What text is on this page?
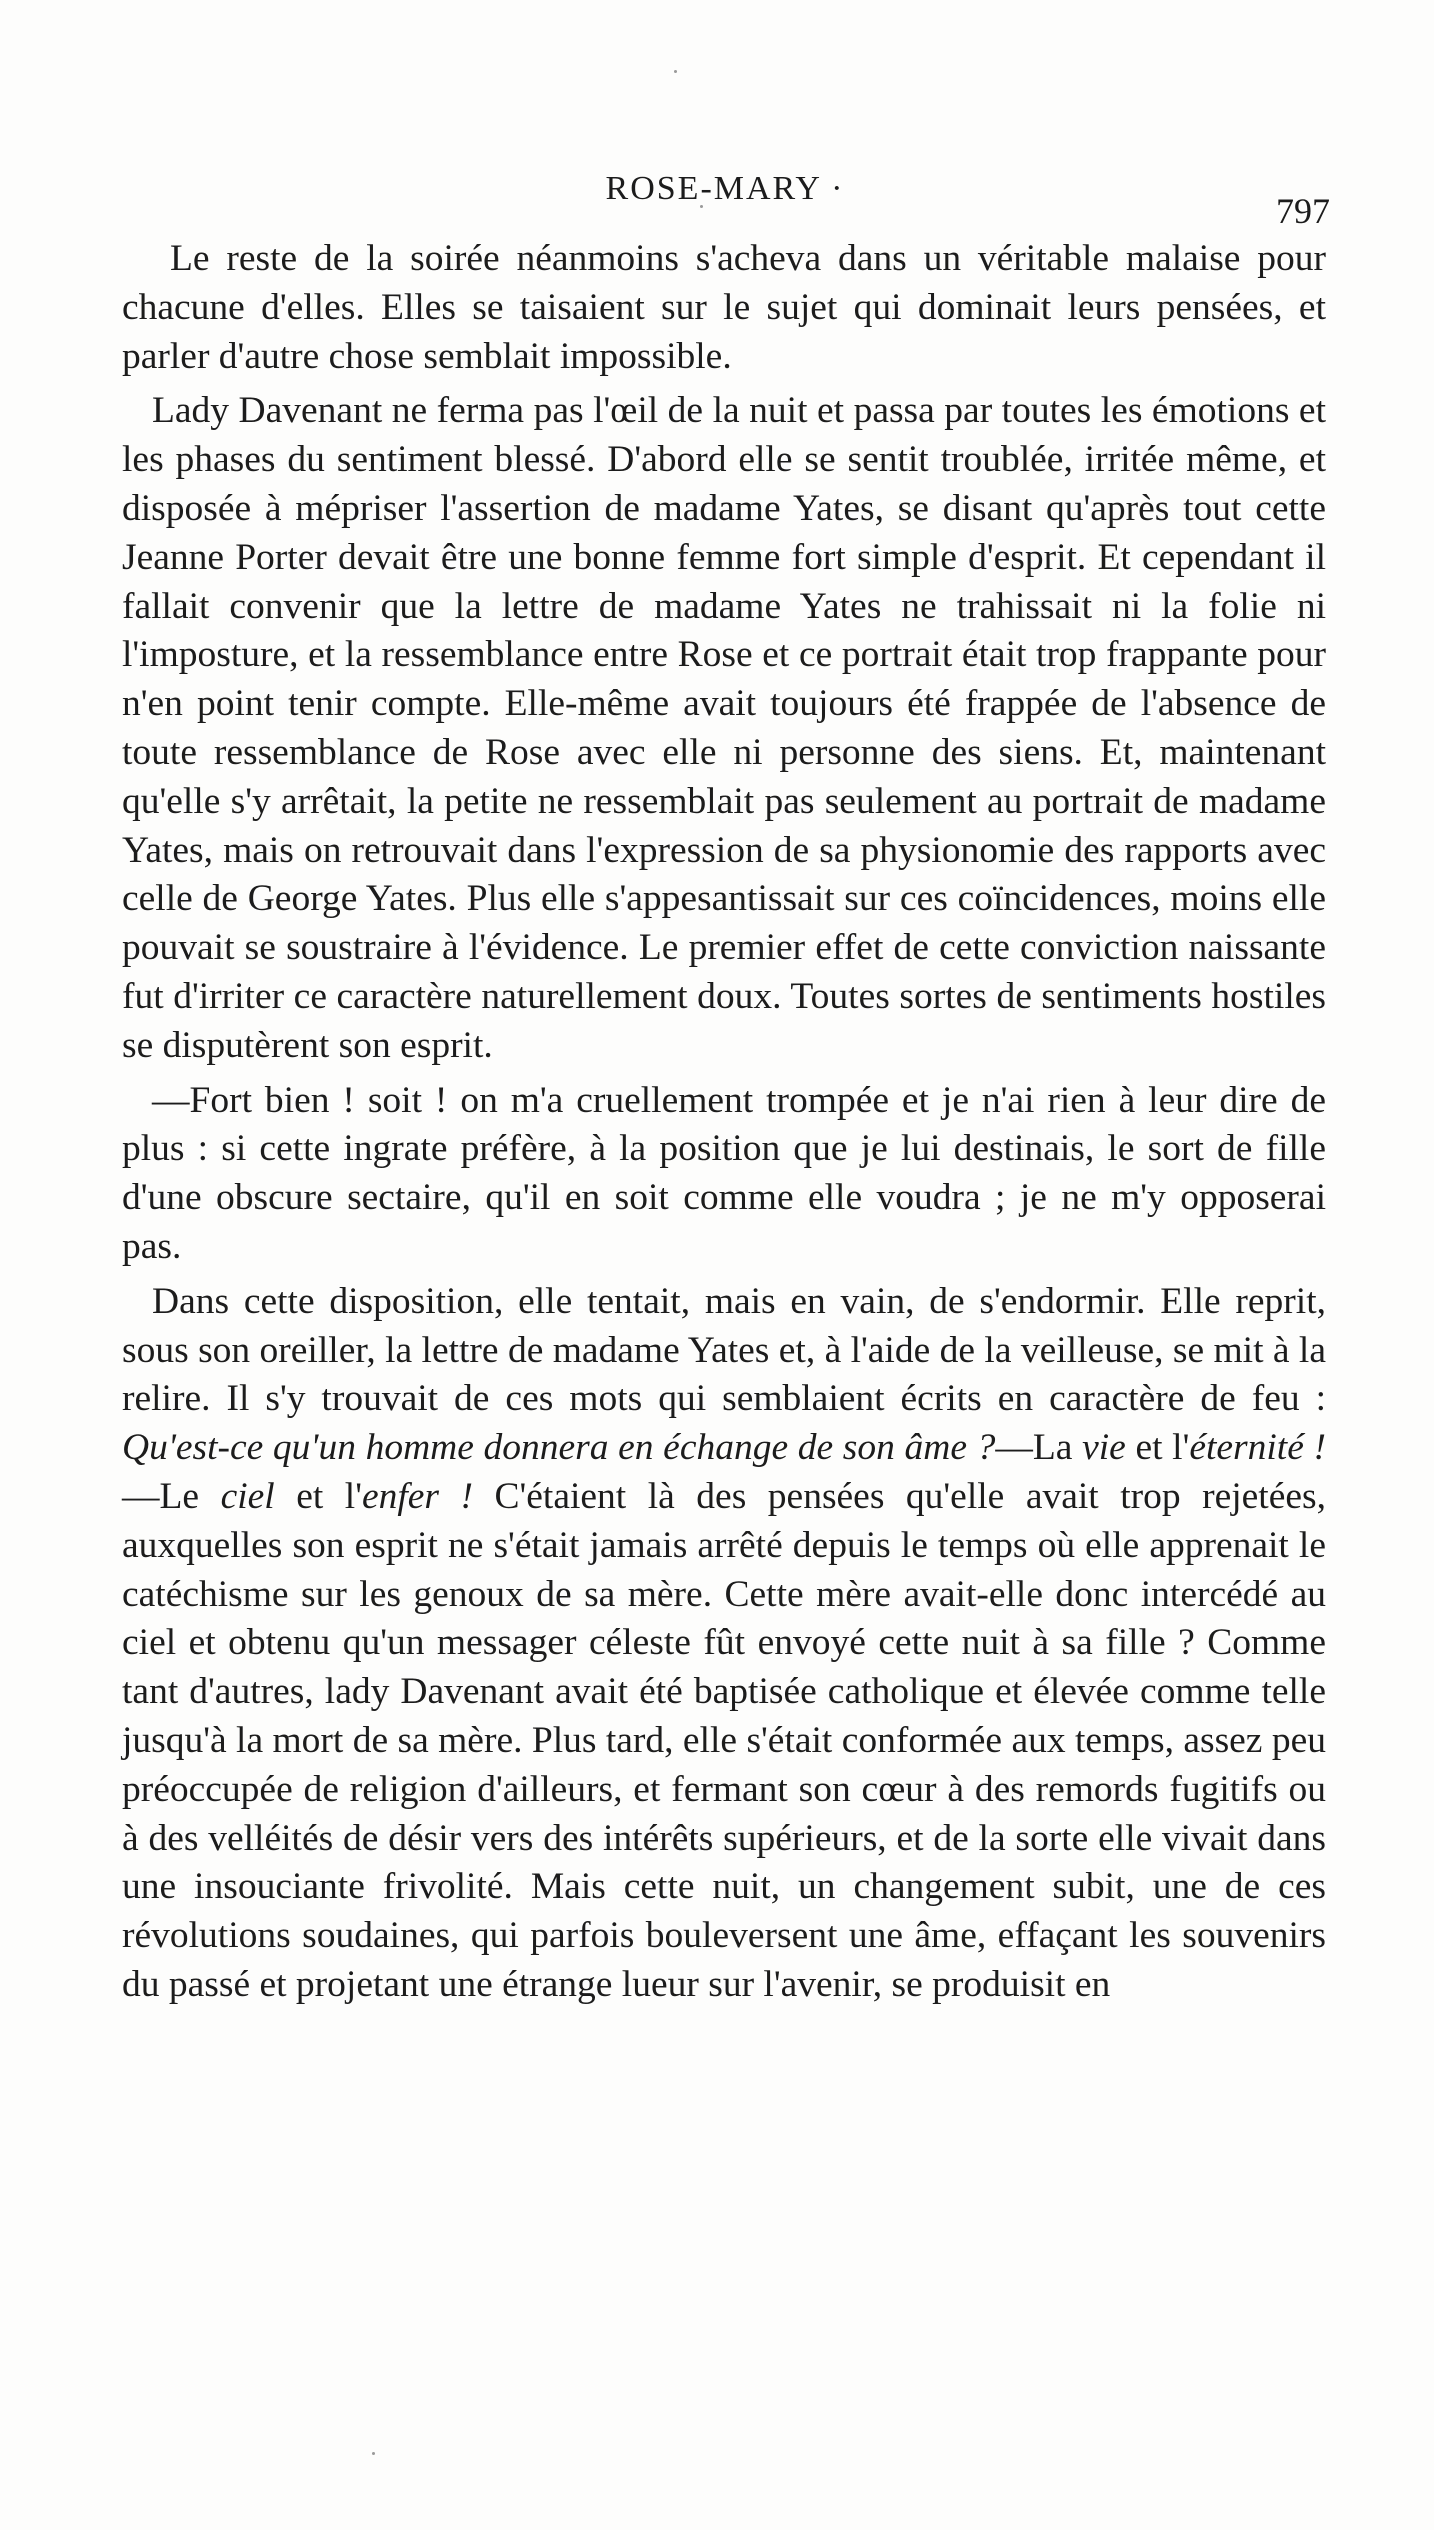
ROSE-MARY ·
797

Le reste de la soirée néanmoins s'acheva dans un véritable malaise pour chacune d'elles. Elles se taisaient sur le sujet qui dominait leurs pensées, et parler d'autre chose semblait impossible.

Lady Davenant ne ferma pas l'œil de la nuit et passa par toutes les émotions et les phases du sentiment blessé. D'abord elle se sentit troublée, irritée même, et disposée à mépriser l'assertion de madame Yates, se disant qu'après tout cette Jeanne Porter devait être une bonne femme fort simple d'esprit. Et cependant il fallait convenir que la lettre de madame Yates ne trahissait ni la folie ni l'imposture, et la ressemblance entre Rose et ce portrait était trop frappante pour n'en point tenir compte. Elle-même avait toujours été frappée de l'absence de toute ressemblance de Rose avec elle ni personne des siens. Et, maintenant qu'elle s'y arrêtait, la petite ne ressemblait pas seulement au portrait de madame Yates, mais on retrouvait dans l'expression de sa physionomie des rapports avec celle de George Yates. Plus elle s'appesantissait sur ces coïncidences, moins elle pouvait se soustraire à l'évidence. Le premier effet de cette conviction naissante fut d'irriter ce caractère naturellement doux. Toutes sortes de sentiments hostiles se disputèrent son esprit.

—Fort bien ! soit ! on m'a cruellement trompée et je n'ai rien à leur dire de plus : si cette ingrate préfère, à la position que je lui destinais, le sort de fille d'une obscure sectaire, qu'il en soit comme elle voudra ; je ne m'y opposerai pas.

Dans cette disposition, elle tentait, mais en vain, de s'endormir. Elle reprit, sous son oreiller, la lettre de madame Yates et, à l'aide de la veilleuse, se mit à la relire. Il s'y trouvait de ces mots qui semblaient écrits en caractère de feu : Qu'est-ce qu'un homme donnera en échange de son âme ?—La vie et l'éternité !—Le ciel et l'enfer ! C'étaient là des pensées qu'elle avait trop rejetées, auxquelles son esprit ne s'était jamais arrêté depuis le temps où elle apprenait le catéchisme sur les genoux de sa mère. Cette mère avait-elle donc intercédé au ciel et obtenu qu'un messager céleste fût envoyé cette nuit à sa fille ? Comme tant d'autres, lady Davenant avait été baptisée catholique et élevée comme telle jusqu'à la mort de sa mère. Plus tard, elle s'était conformée aux temps, assez peu préoccupée de religion d'ailleurs, et fermant son cœur à des remords fugitifs ou à des velléités de désir vers des intérêts supérieurs, et de la sorte elle vivait dans une insouciante frivolité. Mais cette nuit, un changement subit, une de ces révolutions soudaines, qui parfois bouleversent une âme, effaçant les souvenirs du passé et projetant une étrange lueur sur l'avenir, se produisit en
